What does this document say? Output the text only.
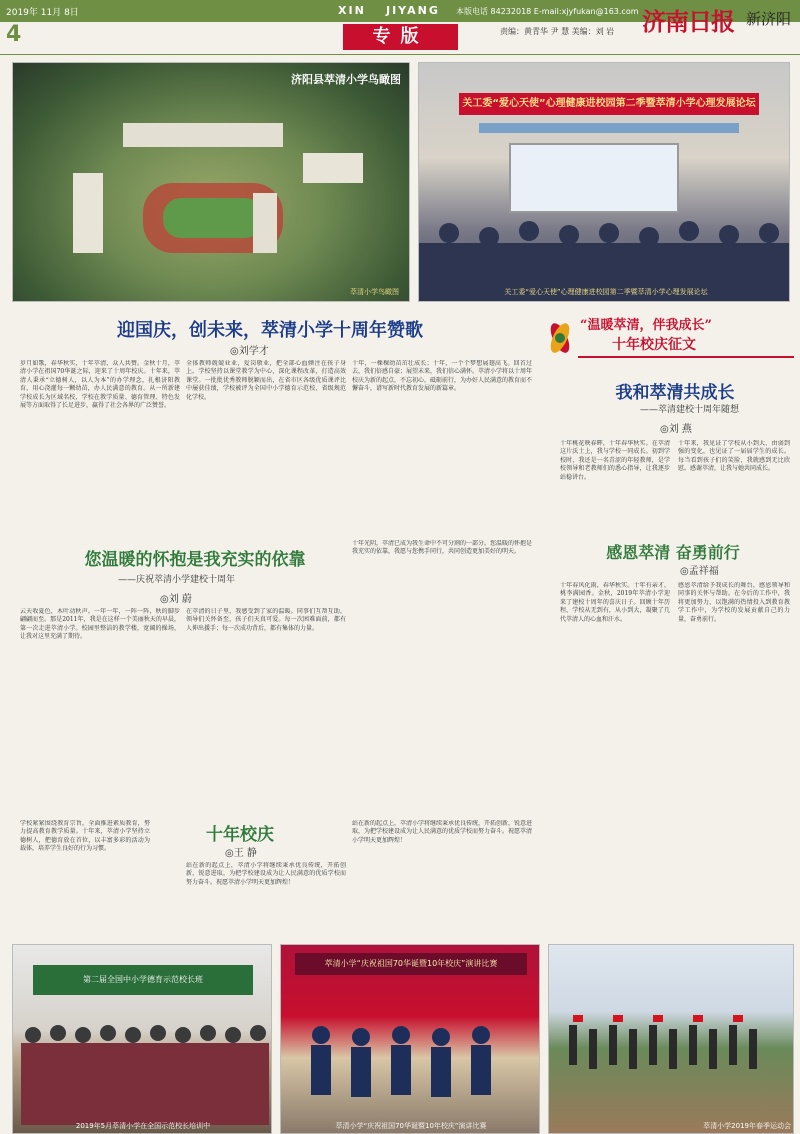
2019年 11月 8日	XIN JIYANG 本版电话 84232018 E-mail:xjyfukan@163.com 济南日报 新济阳
4	专版	责编：黄青华 尹 慧 美编：刘 岩
济阳县萃清小学鸟瞰图
萃清小学鸟瞰图
关工委“爱心天使”心理健康进校园第二季暨萃清小学心理发展论坛
关工委“爱心天使”心理健康进校园第二季暨萃清小学心理发展论坛
迎国庆，创未来，萃清小学十周年赞歌
◎刘学才
岁月如歌，春华秋实，十年萃清，众人共赞。金秋十月，萃清小学在祖国70华诞之际，迎来了十周年校庆。十年来，萃清人秉承“立德树人，以人为本”的办学理念，扎根济阳教育，用心浇灌每一颗幼苗，办人民满意的教育。从一所新建学校成长为区域名校，学校在教学质量、德育管理、特色发展等方面取得了长足进步，赢得了社会各界的广泛赞誉。
全体教师兢兢业业，爱岗敬业，把全部心血倾注在孩子身上。学校坚持以课堂教学为中心，深化课程改革，打造高效课堂。一批批优秀教师脱颖而出，在省市区各级优质课评比中屡获佳绩，学校被评为全国中小学德育示范校、省级规范化学校。
十年，一棵棵幼苗茁壮成长；十年，一个个梦想展翅高飞。回首过去，我们倍感自豪；展望未来，我们信心满怀。萃清小学将以十周年校庆为新的起点，不忘初心，砥砺前行，为办好人民满意的教育而不懈奋斗，谱写新时代教育发展的新篇章。
“温暖萃清，伴我成长”
十年校庆征文
我和萃清共成长
——萃清建校十周年随想
◎刘 燕
十年桃花映春晖，十年春华秋实。在萃清这片沃土上，我与学校一同成长。初到学校时，我还是一名青涩的年轻教师，是学校领导和老教师们的悉心指导，让我逐步站稳讲台。
十年来，我见证了学校从小到大、由弱到强的变化，也见证了一届届学生的成长。每当看到孩子们的笑脸，我就感到无比欣慰。感谢萃清，让我与她共同成长。
您温暖的怀抱是我充实的依靠
——庆祝萃清小学建校十周年
◎刘 蔚
云天收夏色，木叶动秋声。一年一年，一阵一阵，秋的脚步翩翩而至。那是2011年，我是在这样一个美丽秋天的早晨，第一次走进萃清小学。校园里整洁的教学楼，宽阔的操场，让我对这里充满了期待。
在萃清的日子里，我感受到了家的温暖。同事们互帮互助，领导们关怀备至，孩子们天真可爱。每一次困难面前，都有人伸出援手；每一次成功背后，都有集体的力量。
十年光阴，萃清已成为我生命中不可分割的一部分。您温暖的怀抱是我充实的依靠，我愿与您携手同行，共同创造更加美好的明天。	感恩萃清 奋勇前行
◎孟祥福
十年春风化雨，春华秋实。十年有亲才，桃李满园香。金秋，2019年萃清小学迎来了建校十周年的喜庆日子。回顾十年历程，学校从无到有，从小到大，凝聚了几代萃清人的心血和汗水。
感恩萃清给予我成长的舞台，感恩领导和同事的关怀与帮助。在今后的工作中，我将更加努力，以饱满的热情投入到教育教学工作中，为学校的发展贡献自己的力量，奋勇前行。
十年校庆
◎王 静
学校紧紧围绕教育宗旨，全面推进素质教育，努力提高教育教学质量。十年来，萃清小学坚持立德树人，把德育放在首位，以丰富多彩的活动为载体，培养学生良好的行为习惯。
站在新的起点上，萃清小学将继续秉承优良传统，开拓创新，锐意进取，为把学校建设成为让人民满意的优质学校而努力奋斗。祝愿萃清小学明天更加辉煌！
站在新的起点上，萃清小学将继续秉承优良传统，开拓创新，锐意进取，为把学校建设成为让人民满意的优质学校而努力奋斗。祝愿萃清小学明天更加辉煌！
第二届全国中小学德育示范校长班
2019年5月萃清小学在全国示范校长培训中
萃清小学“庆祝祖国70华诞暨10年校庆”演讲比赛
萃清小学“庆祝祖国70华诞暨10年校庆”演讲比赛	萃清小学2019年春季运动会
